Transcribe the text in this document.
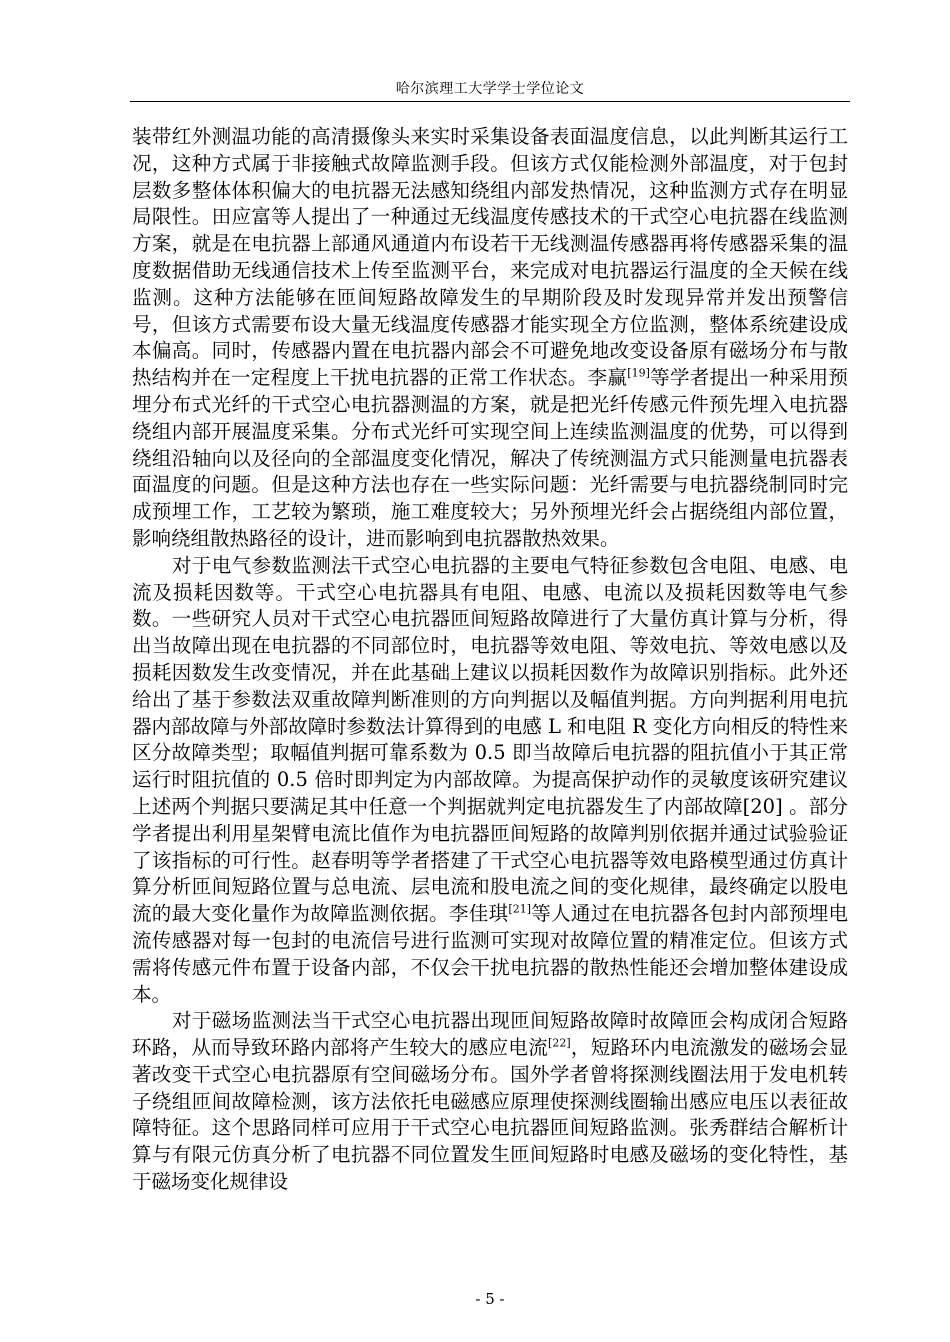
哈尔滨理工大学学士学位论文

装带红外测温功能的高清摄像头来实时采集设备表面温度信息，以此判断其运行工况，这种方式属于非接触式故障监测手段。但该方式仅能检测外部温度，对于包封层数多整体体积偏大的电抗器无法感知绕组内部发热情况，这种监测方式存在明显局限性。田应富等人提出了一种通过无线温度传感技术的干式空心电抗器在线监测方案，就是在电抗器上部通风通道内布设若干无线测温传感器再将传感器采集的温度数据借助无线通信技术上传至监测平台，来完成对电抗器运行温度的全天候在线监测。这种方法能够在匝间短路故障发生的早期阶段及时发现异常并发出预警信号，但该方式需要布设大量无线温度传感器才能实现全方位监测，整体系统建设成本偏高。同时，传感器内置在电抗器内部会不可避免地改变设备原有磁场分布与散热结构并在一定程度上干扰电抗器的正常工作状态。李赢[19]等学者提出一种采用预埋分布式光纤的干式空心电抗器测温的方案，就是把光纤传感元件预先埋入电抗器绕组内部开展温度采集。分布式光纤可实现空间上连续监测温度的优势，可以得到绕组沿轴向以及径向的全部温度变化情况，解决了传统测温方式只能测量电抗器表面温度的问题。但是这种方法也存在一些实际问题：光纤需要与电抗器绕制同时完成预埋工作，工艺较为繁琐，施工难度较大；另外预埋光纤会占据绕组内部位置，影响绕组散热路径的设计，进而影响到电抗器散热效果。

对于电气参数监测法干式空心电抗器的主要电气特征参数包含电阻、电感、电流及损耗因数等。干式空心电抗器具有电阻、电感、电流以及损耗因数等电气参数。一些研究人员对干式空心电抗器匝间短路故障进行了大量仿真计算与分析，得出当故障出现在电抗器的不同部位时，电抗器等效电阻、等效电抗、等效电感以及损耗因数发生改变情况，并在此基础上建议以损耗因数作为故障识别指标。此外还给出了基于参数法双重故障判断准则的方向判据以及幅值判据。方向判据利用电抗器内部故障与外部故障时参数法计算得到的电感 L 和电阻 R 变化方向相反的特性来区分故障类型；取幅值判据可靠系数为 0.5 即当故障后电抗器的阻抗值小于其正常运行时阻抗值的 0.5 倍时即判定为内部故障。为提高保护动作的灵敏度该研究建议上述两个判据只要满足其中任意一个判据就判定电抗器发生了内部故障[20] 。部分学者提出利用星架臂电流比值作为电抗器匝间短路的故障判别依据并通过试验验证了该指标的可行性。赵春明等学者搭建了干式空心电抗器等效电路模型通过仿真计算分析匝间短路位置与总电流、层电流和股电流之间的变化规律，最终确定以股电流的最大变化量作为故障监测依据。李佳琪[21]等人通过在电抗器各包封内部预埋电流传感器对每一包封的电流信号进行监测可实现对故障位置的精准定位。但该方式需将传感元件布置于设备内部，不仅会干扰电抗器的散热性能还会增加整体建设成本。

对于磁场监测法当干式空心电抗器出现匝间短路故障时故障匝会构成闭合短路环路，从而导致环路内部将产生较大的感应电流[22]，短路环内电流激发的磁场会显著改变干式空心电抗器原有空间磁场分布。国外学者曾将探测线圈法用于发电机转子绕组匝间故障检测，该方法依托电磁感应原理使探测线圈输出感应电压以表征故障特征。这个思路同样可应用于干式空心电抗器匝间短路监测。张秀群结合解析计算与有限元仿真分析了电抗器不同位置发生匝间短路时电感及磁场的变化特性，基于磁场变化规律设

- 5 -
